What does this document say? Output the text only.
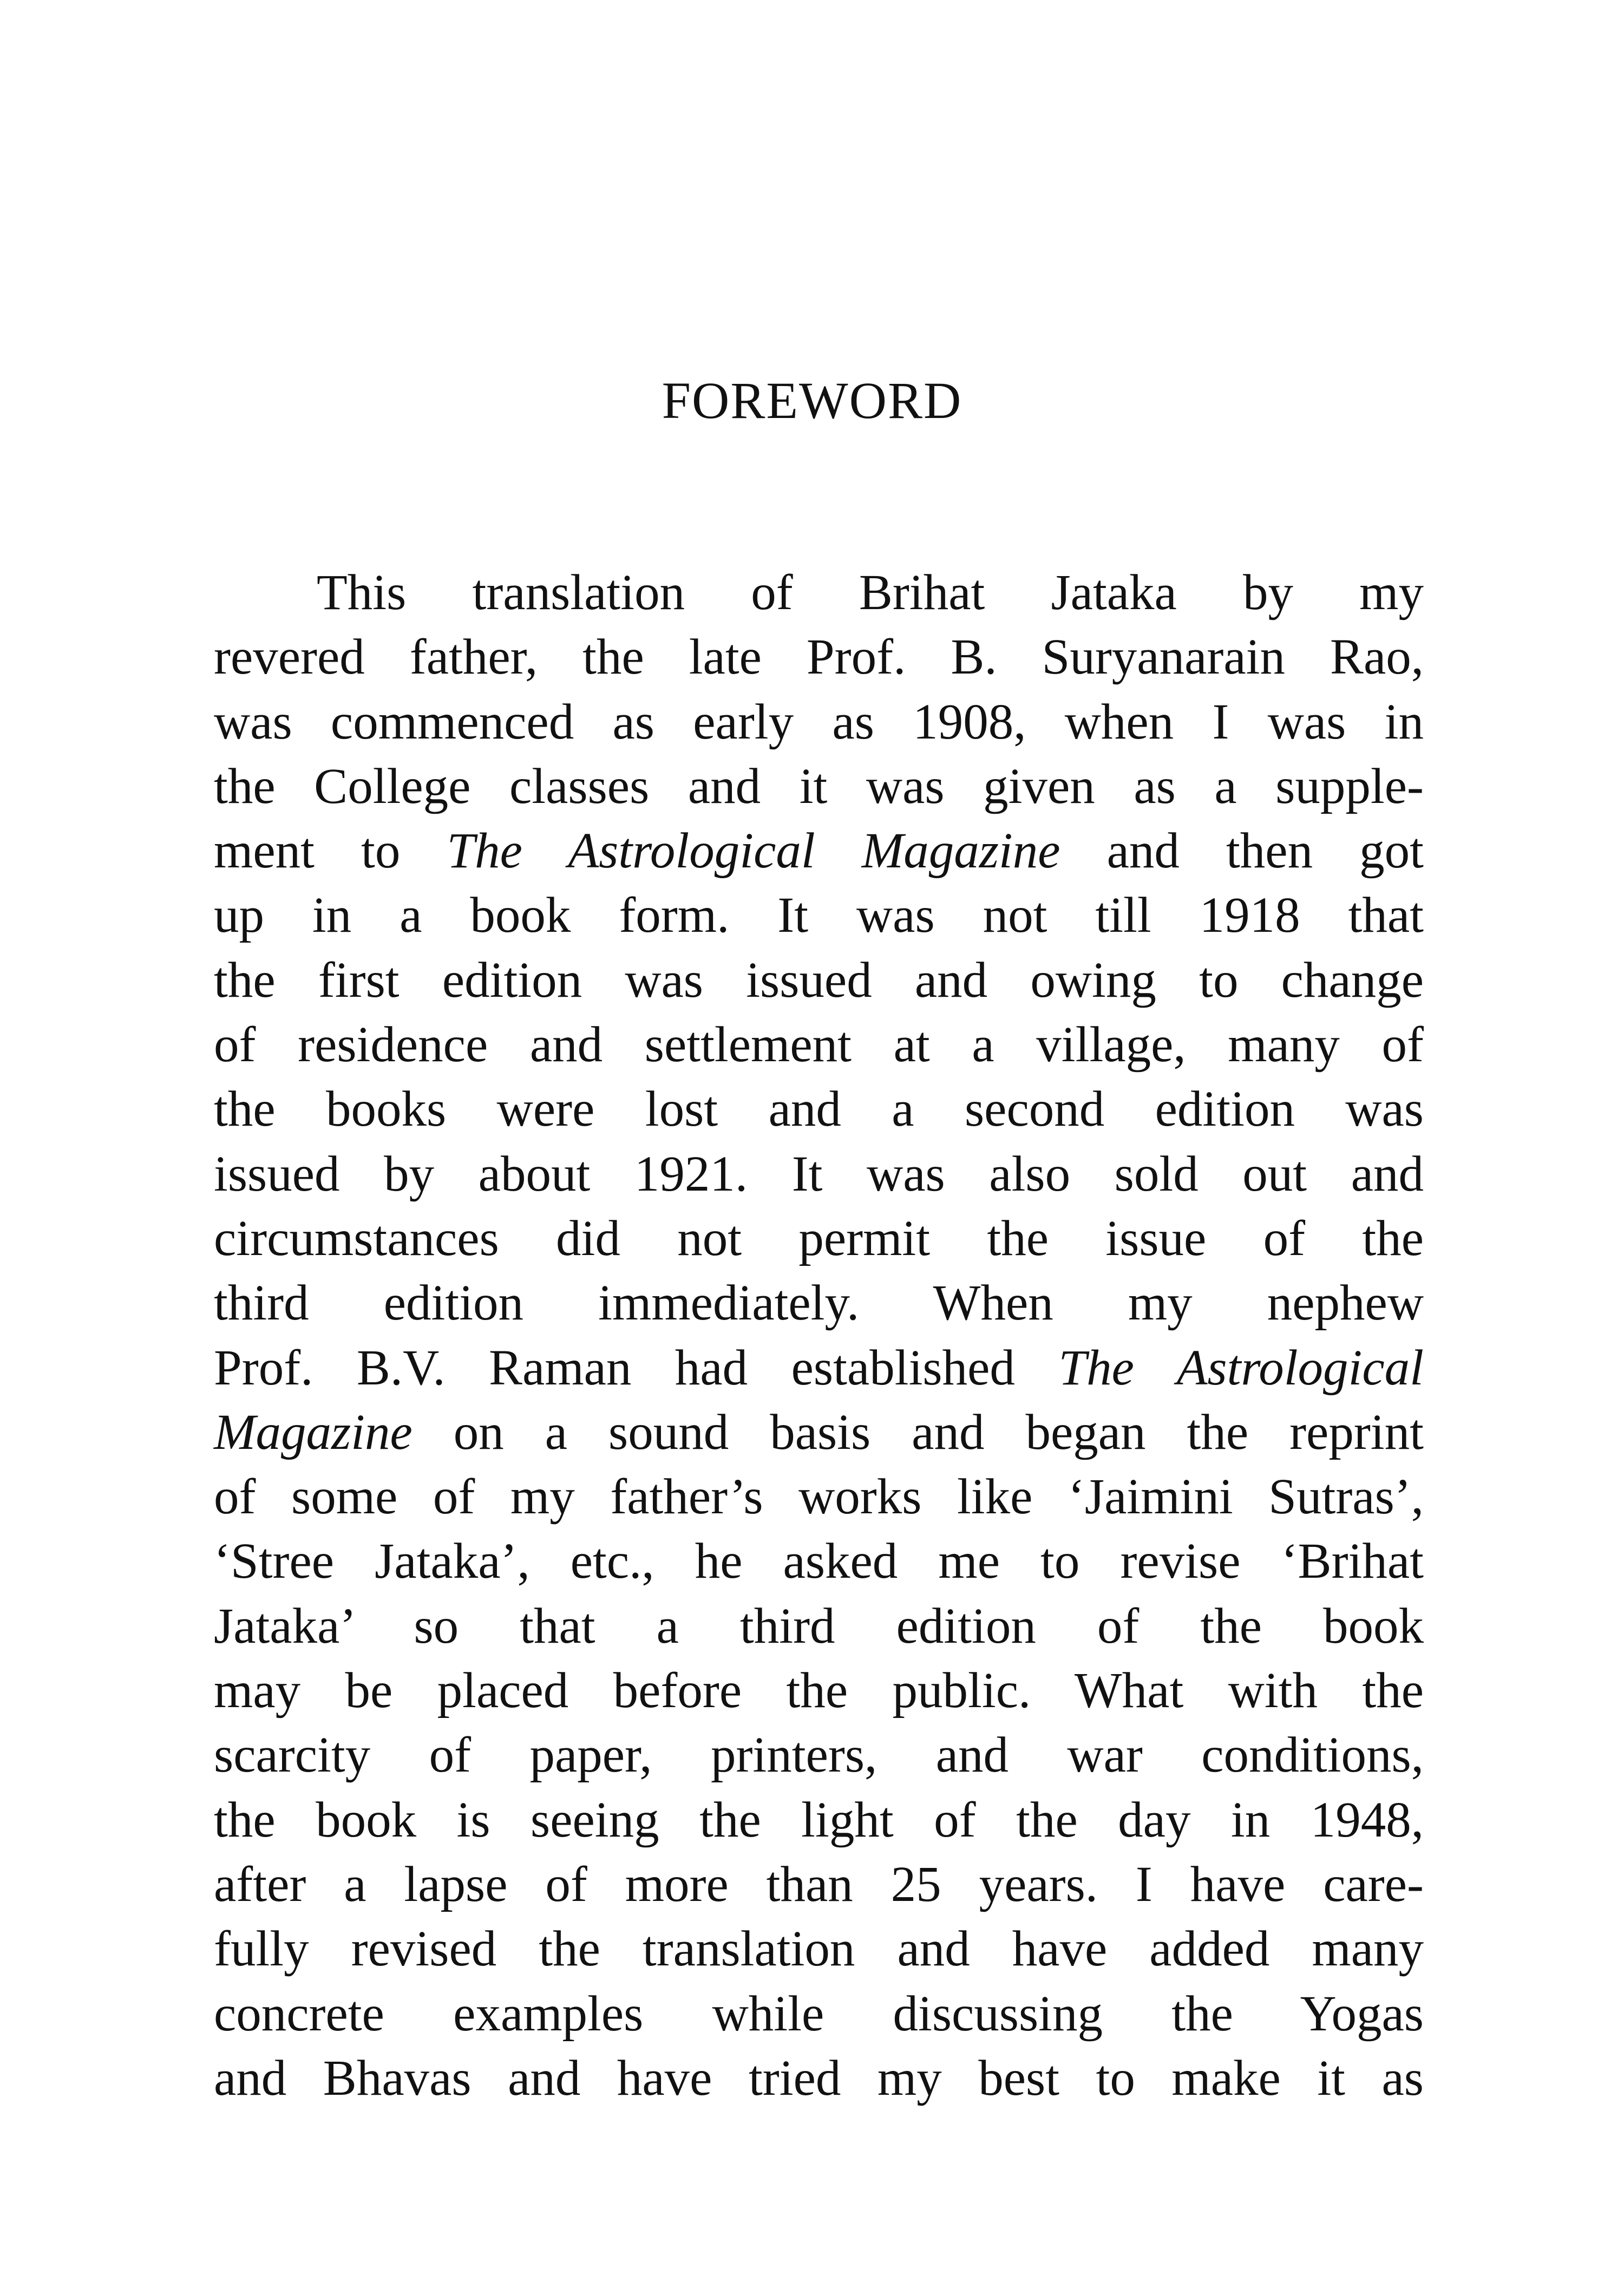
FOREWORD
This translation of Brihat Jataka by my
revered father, the late Prof. B. Suryanarain Rao,
was commenced as early as 1908, when I was in
the College classes and it was given as a supple-
ment to The Astrological Magazine and then got
up in a book form. It was not till 1918 that
the first edition was issued and owing to change
of residence and settlement at a village, many of
the books were lost and a second edition was
issued by about 1921. It was also sold out and
circumstances did not permit the issue of the
third edition immediately. When my nephew
Prof. B.V. Raman had established The Astrological
Magazine on a sound basis and began the reprint
of some of my father’s works like ‘Jaimini Sutras’,
‘Stree Jataka’, etc., he asked me to revise ‘Brihat
Jataka’ so that a third edition of the book
may be placed before the public. What with the
scarcity of paper, printers, and war conditions,
the book is seeing the light of the day in 1948,
after a lapse of more than 25 years. I have care-
fully revised the translation and have added many
concrete examples while discussing the Yogas
and Bhavas and have tried my best to make it as
